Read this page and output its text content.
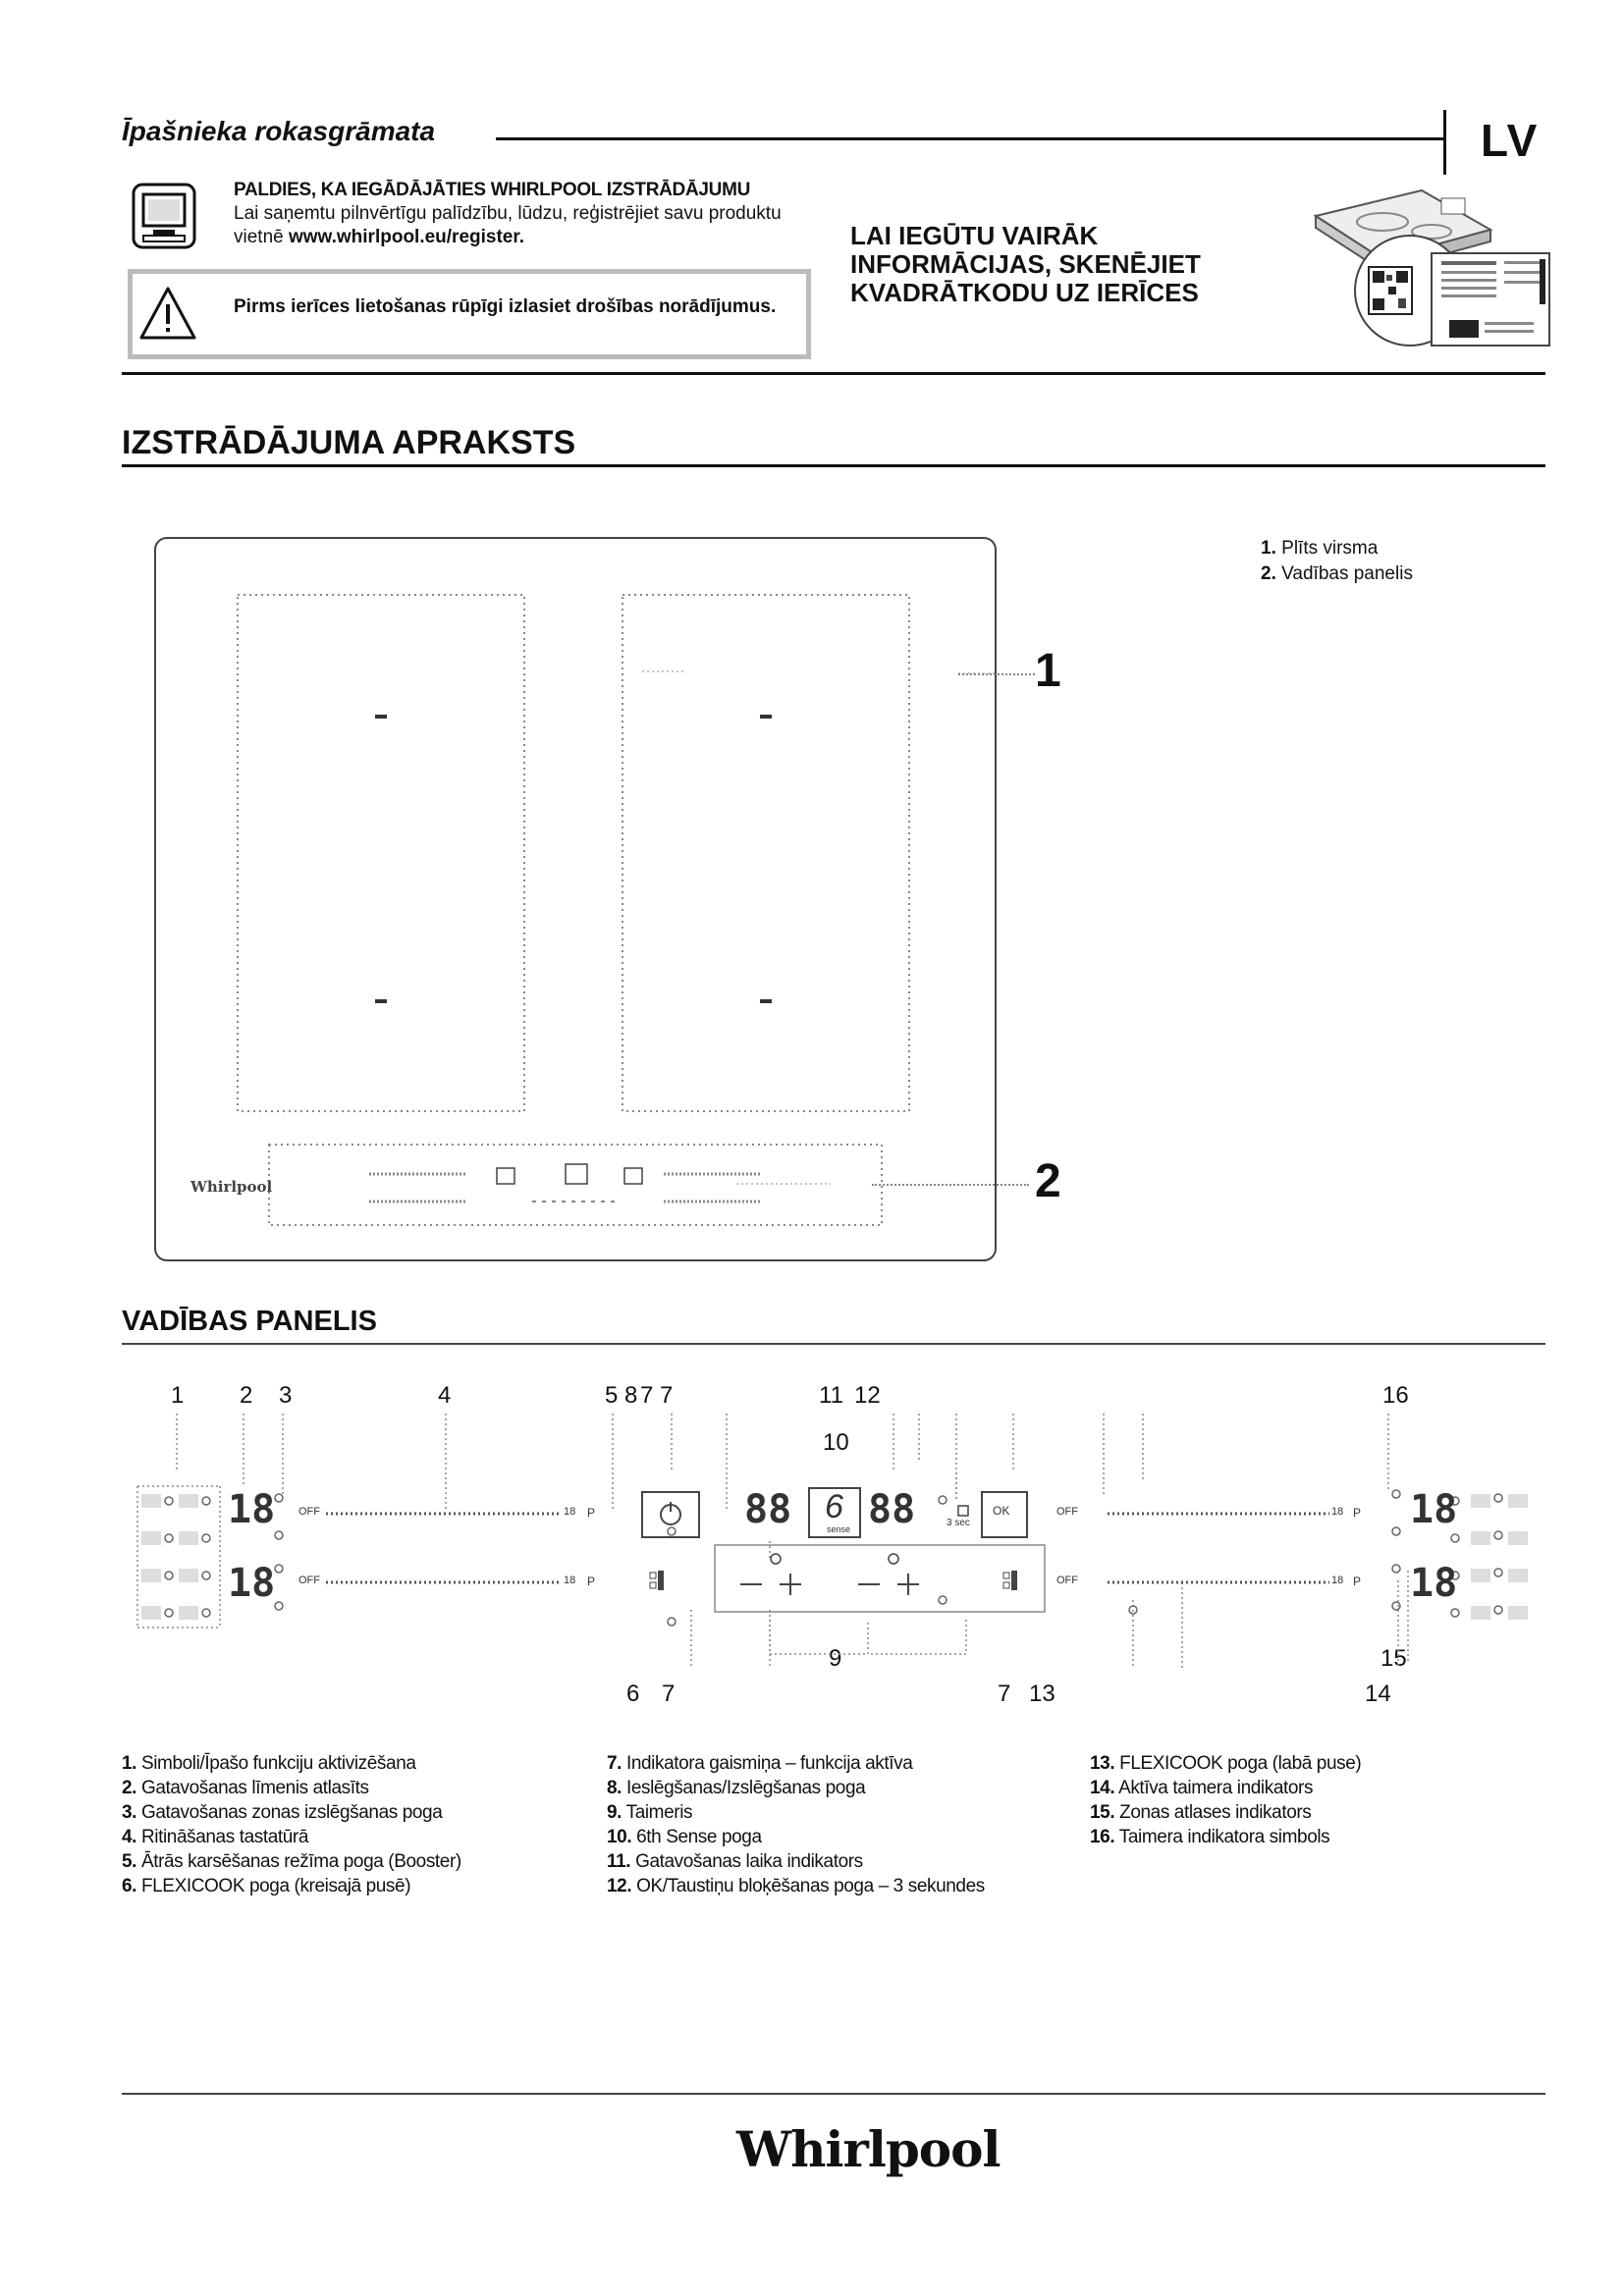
Īpašnieka rokasgrāmata	LV
PALDIES, KA IEGĀDĀJĀTIES WHIRLPOOL IZSTRĀDĀJUMU
Lai saņemtu pilnvērtīgu palīdzību, lūdzu, reģistrējiet savu produktu vietnē www.whirlpool.eu/register.
Pirms ierīces lietošanas rūpīgi izlasiet drošības norādījumus.
LAI IEGŪTU VAIRĀK
INFORMĀCIJAS, SKENĒJIET
KVADRĀTKODU UZ IERĪCES
IZSTRĀDĀJUMA APRAKSTS
1. Plīts virsma
2. Vadības panelis
Whirlpool
1
2
VADĪBAS PANELIS
1 2 3	4	5 8 7 7	11 12
10
16
9
6 7	7 13
15
14
18
18
18
18
88 88
sense
OK
3 sec
OFF
OFF
OFF
OFF
18
18
18
18
P
P
P
P
6
1. Simboli/Īpašo funkciju aktivizēšana
2. Gatavošanas līmenis atlasīts
3. Gatavošanas zonas izslēgšanas poga
4. Ritināšanas tastatūrā
5. Ātrās karsēšanas režīma poga (Booster)
6. FLEXICOOK poga (kreisajā pusē)
7. Indikatora gaismiņa – funkcija aktīva
8. Ieslēgšanas/Izslēgšanas poga
9. Taimeris
10. 6th Sense poga
11. Gatavošanas laika indikators
12. OK/Taustiņu bloķēšanas poga – 3 sekundes
13. FLEXICOOK poga (labā puse)
14. Aktīva taimera indikators
15. Zonas atlases indikators
16. Taimera indikatora simbols
Whirlpool
